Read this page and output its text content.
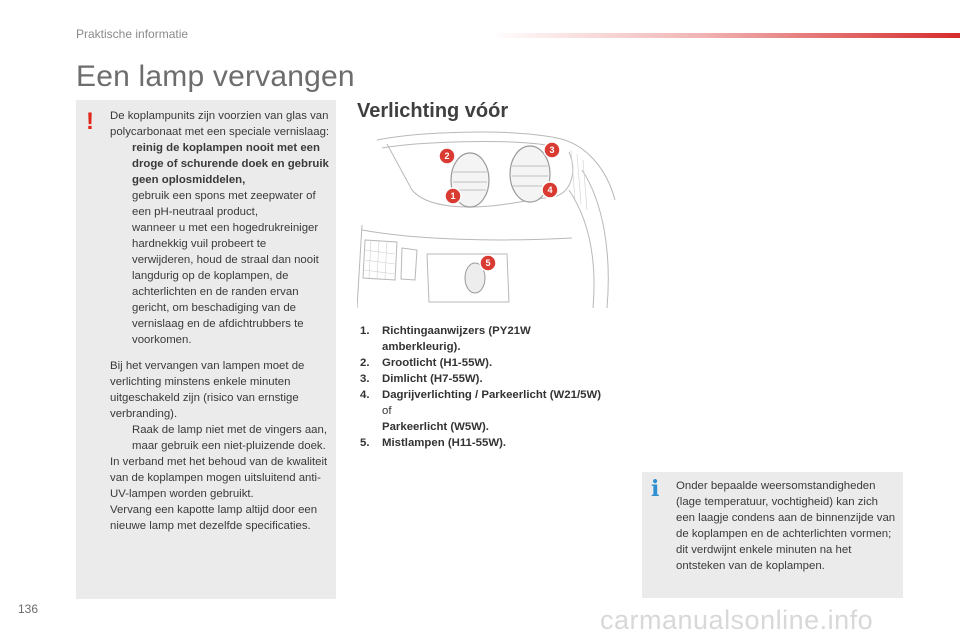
Praktische informatie
Een lamp vervangen
! De koplampunits zijn voorzien van glas van polycarbonaat met een speciale vernislaag:

reinig de koplampen nooit met een droge of schurende doek en gebruik geen oplosmiddelen,
gebruik een spons met zeepwater of een pH-neutraal product,
wanneer u met een hogedrukreiniger hardnekkig vuil probeert te verwijderen, houd de straal dan nooit langdurig op de koplampen, de achterlichten en de randen ervan gericht, om beschadiging van de vernislaag en de afdichtrubbers te voorkomen.

Bij het vervangen van lampen moet de verlichting minstens enkele minuten uitgeschakeld zijn (risico van ernstige verbranding).

Raak de lamp niet met de vingers aan, maar gebruik een niet-pluizende doek.

In verband met het behoud van de kwaliteit van de koplampen mogen uitsluitend anti-UV-lampen worden gebruikt.

Vervang een kapotte lamp altijd door een nieuwe lamp met dezelfde specificaties.

Verlichting vóór
1
2
3
4
5
1. Richtingaanwijzers (PY21W amberkleurig).
2. Grootlicht (H1-55W).
3. Dimlicht (H7-55W).
4. Dagrijverlichting / Parkeerlicht (W21/5W)
of
Parkeerlicht (W5W).
5. Mistlampen (H11-55W).
i Onder bepaalde weersomstandigheden (lage temperatuur, vochtigheid) kan zich een laagje condens aan de binnenzijde van de koplampen en de achterlichten vormen; dit verdwijnt enkele minuten na het ontsteken van de koplampen.

136	carmanualsonline.info
